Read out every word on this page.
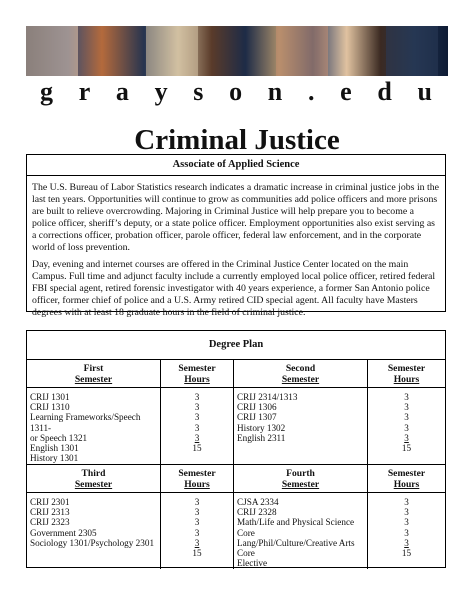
g r a y s o n . e d u
Criminal Justice
Associate of Applied Science

The U.S. Bureau of Labor Statistics research indicates a dramatic increase in criminal justice jobs in the last ten years. Opportunities will continue to grow as communities add police officers and more prisons are built to relieve overcrowding. Majoring in Criminal Justice will help prepare you to become a police officer, sheriff’s deputy, or a state police officer. Employment opportunities also exist serving as a corrections officer, probation officer, parole officer, federal law enforcement, and in the corporate world of loss prevention.

Day, evening and internet courses are offered in the Criminal Justice Center located on the main Campus. Full time and adjunct faculty include a currently employed local police officer, retired federal FBI special agent, retired forensic investigator with 40 years experience, a former San Antonio police officer, former chief of police and a U.S. Army retired CID special agent. All faculty have Masters degrees with at least 18 graduate hours in the field of criminal justice.

Degree Plan
First
Semester
CRIJ 1301
CRIJ 1310
Learning Frameworks/Speech 1311-
or Speech 1321
English 1301
History 1301
Semester
Hours
3
3
3
3
3
15
Second
Semester
CRIJ 2314/1313
CRIJ 1306
CRIJ 1307
History 1302
English 2311
Semester
Hours
3
3
3
3
3
15
Third
Semester
CRIJ 2301
CRIJ 2313
CRIJ 2323
Government 2305
Sociology 1301/Psychology 2301
Semester
Hours
3
3
3
3
3
15
Fourth
Semester
CJSA 2334
CRIJ 2328
Math/Life and Physical Science Core
Lang/Phil/Culture/Creative Arts Core
Elective
Semester
Hours
3
3
3
3
3
15
